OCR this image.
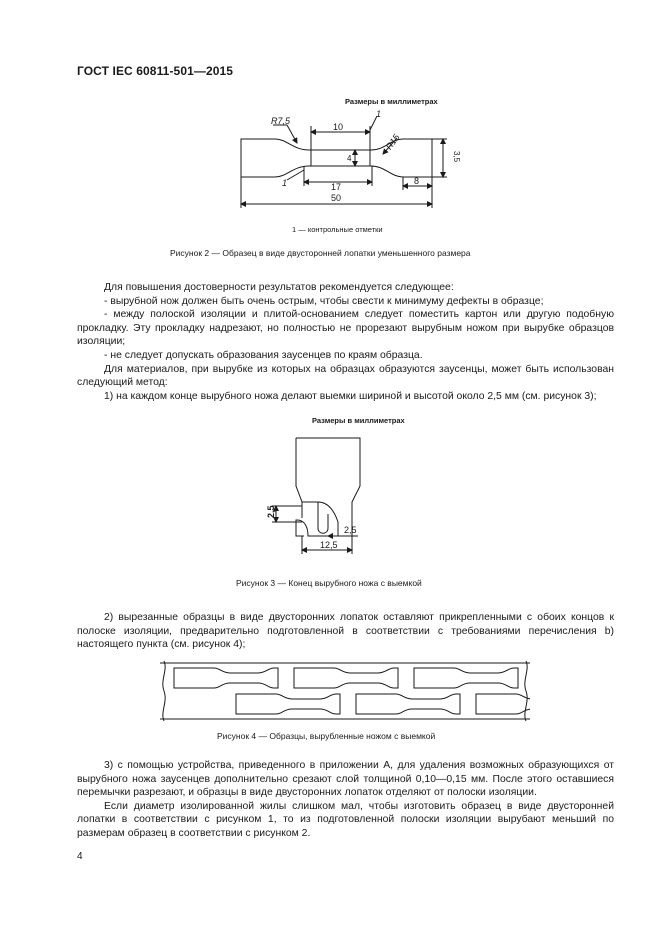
ГОСТ IEC 60811-501—2015
Размеры в миллиметрах
R7,5
R15
10
4
17
8
50
3,5
1
1
1 — контрольные отметки
Рисунок 2 — Образец в виде двусторонней лопатки уменьшенного размера

Для повышения достоверности результатов рекомендуется следующее:

- вырубной нож должен быть очень острым, чтобы свести к минимуму дефекты в образце;

- между полоской изоляции и плитой-основанием следует поместить картон или другую подобную прокладку. Эту прокладку надрезают, но полностью не прорезают вырубным ножом при вырубке образцов изоляции;

- не следует допускать образования заусенцев по краям образца.

Для материалов, при вырубке из которых на образцах образуются заусенцы, может быть использован следующий метод:

1) на каждом конце вырубного ножа делают выемки шириной и высотой около 2,5 мм (см. рисунок 3);

Размеры в миллиметрах
2,5
2,5
12,5
Рисунок 3 — Конец вырубного ножа с выемкой

2) вырезанные образцы в виде двусторонних лопаток оставляют прикрепленными с обоих концов к полоске изоляции, предварительно подготовленной в соответствии с требованиями перечисления b) настоящего пункта (см. рисунок 4);

Рисунок 4 — Образцы, вырубленные ножом с выемкой

3) с помощью устройства, приведенного в приложении А, для удаления возможных образующихся от вырубного ножа заусенцев дополнительно срезают слой толщиной 0,10—0,15 мм. После этого оставшиеся перемычки разрезают, и образцы в виде двусторонних лопаток отделяют от полоски изоляции.

Если диаметр изолированной жилы слишком мал, чтобы изготовить образец в виде двусторонней лопатки в соответствии с рисунком 1, то из подготовленной полоски изоляции вырубают меньший по размерам образец в соответствии с рисунком 2.

4
